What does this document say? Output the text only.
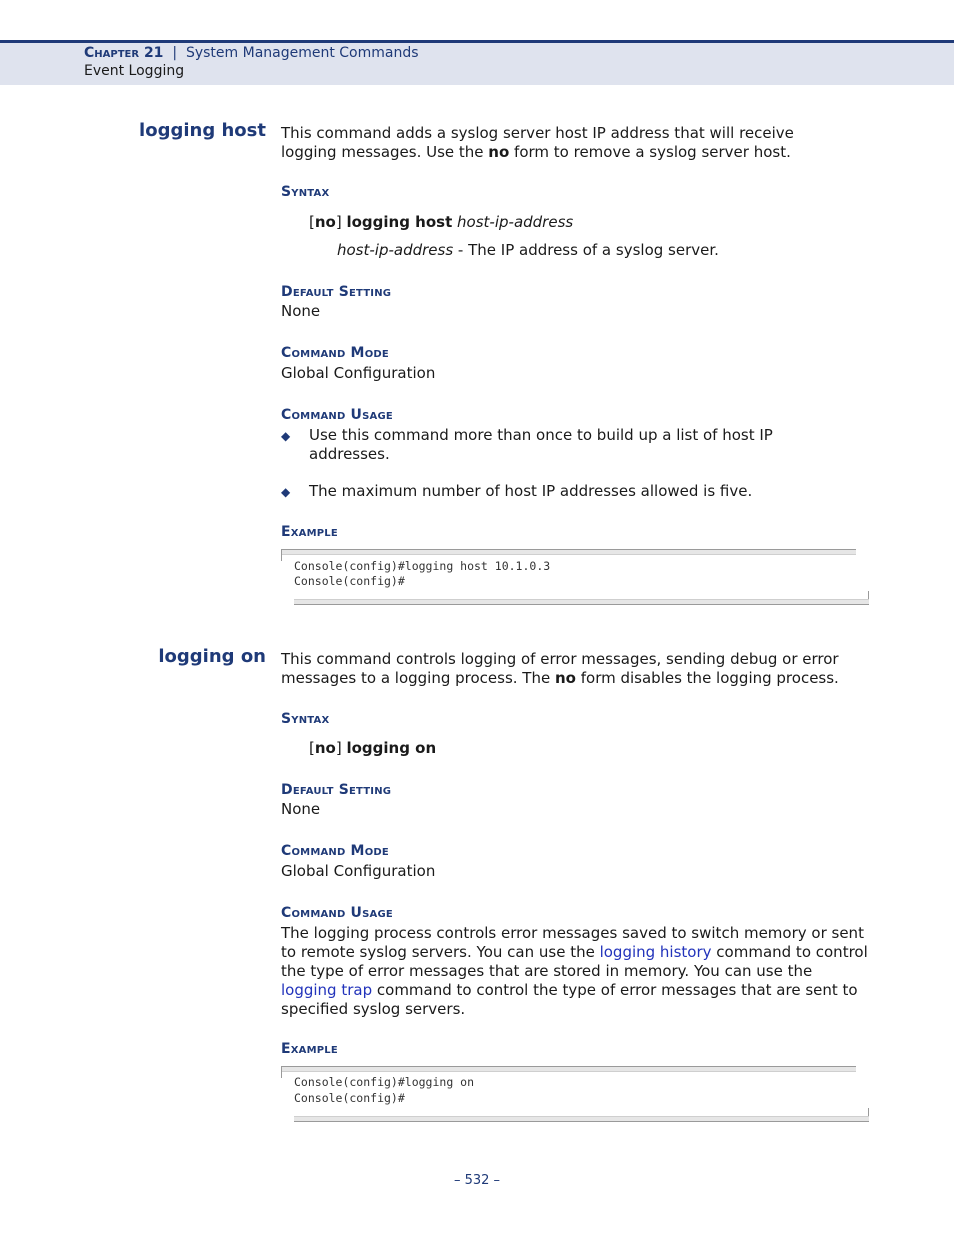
Chapter 21 | System Management Commands
Event Logging
logging host This command adds a syslog server host IP address that will receive logging messages. Use the no form to remove a syslog server host.
Syntax
[no] logging host host-ip-address
host-ip-address - The IP address of a syslog server.
Default Setting
None
Command Mode
Global Configuration
Command Usage
◆ Use this command more than once to build up a list of host IP addresses.
◆ The maximum number of host IP addresses allowed is five.
Example
Console(config)#logging host 10.1.0.3
Console(config)#
logging on This command controls logging of error messages, sending debug or error messages to a logging process. The no form disables the logging process.
Syntax
[no] logging on
Default Setting
None
Command Mode
Global Configuration
Command Usage
The logging process controls error messages saved to switch memory or sent to remote syslog servers. You can use the logging history command to control the type of error messages that are stored in memory. You can use the logging trap command to control the type of error messages that are sent to specified syslog servers.
Example
Console(config)#logging on
Console(config)#
– 532 –
